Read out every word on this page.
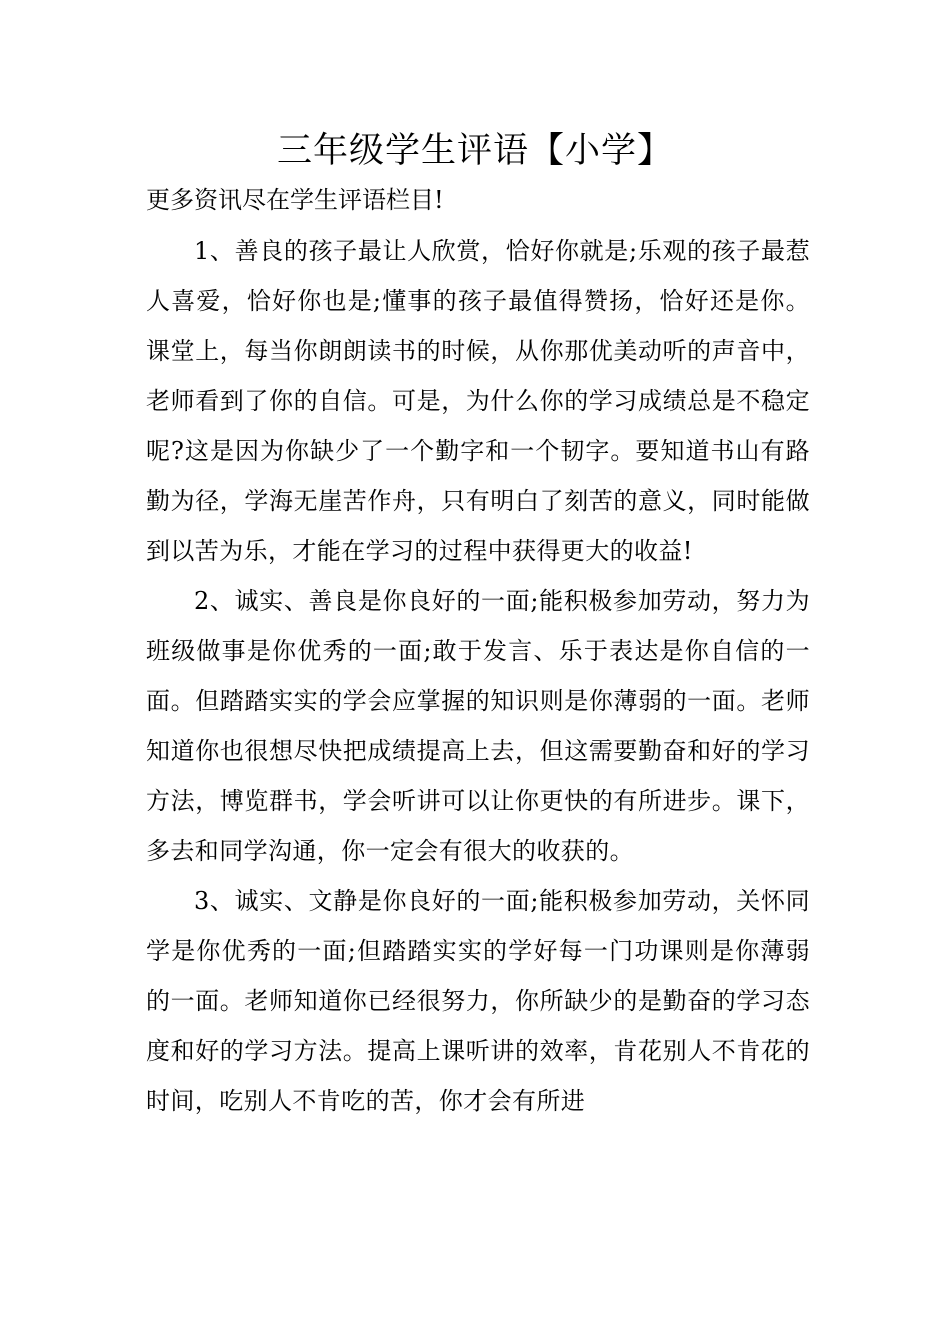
三年级学生评语【小学】

更多资讯尽在学生评语栏目!

1、善良的孩子最让人欣赏，恰好你就是;乐观的孩子最惹人喜爱，恰好你也是;懂事的孩子最值得赞扬，恰好还是你。课堂上，每当你朗朗读书的时候，从你那优美动听的声音中，老师看到了你的自信。可是，为什么你的学习成绩总是不稳定呢?这是因为你缺少了一个勤字和一个韧字。要知道书山有路勤为径，学海无崖苦作舟，只有明白了刻苦的意义，同时能做到以苦为乐，才能在学习的过程中获得更大的收益!

2、诚实、善良是你良好的一面;能积极参加劳动，努力为班级做事是你优秀的一面;敢于发言、乐于表达是你自信的一面。但踏踏实实的学会应掌握的知识则是你薄弱的一面。老师知道你也很想尽快把成绩提高上去，但这需要勤奋和好的学习方法，博览群书，学会听讲可以让你更快的有所进步。课下，多去和同学沟通，你一定会有很大的收获的。

3、诚实、文静是你良好的一面;能积极参加劳动，关怀同学是你优秀的一面;但踏踏实实的学好每一门功课则是你薄弱的一面。老师知道你已经很努力，你所缺少的是勤奋的学习态度和好的学习方法。提高上课听讲的效率，肯花别人不肯花的时间，吃别人不肯吃的苦，你才会有所进
